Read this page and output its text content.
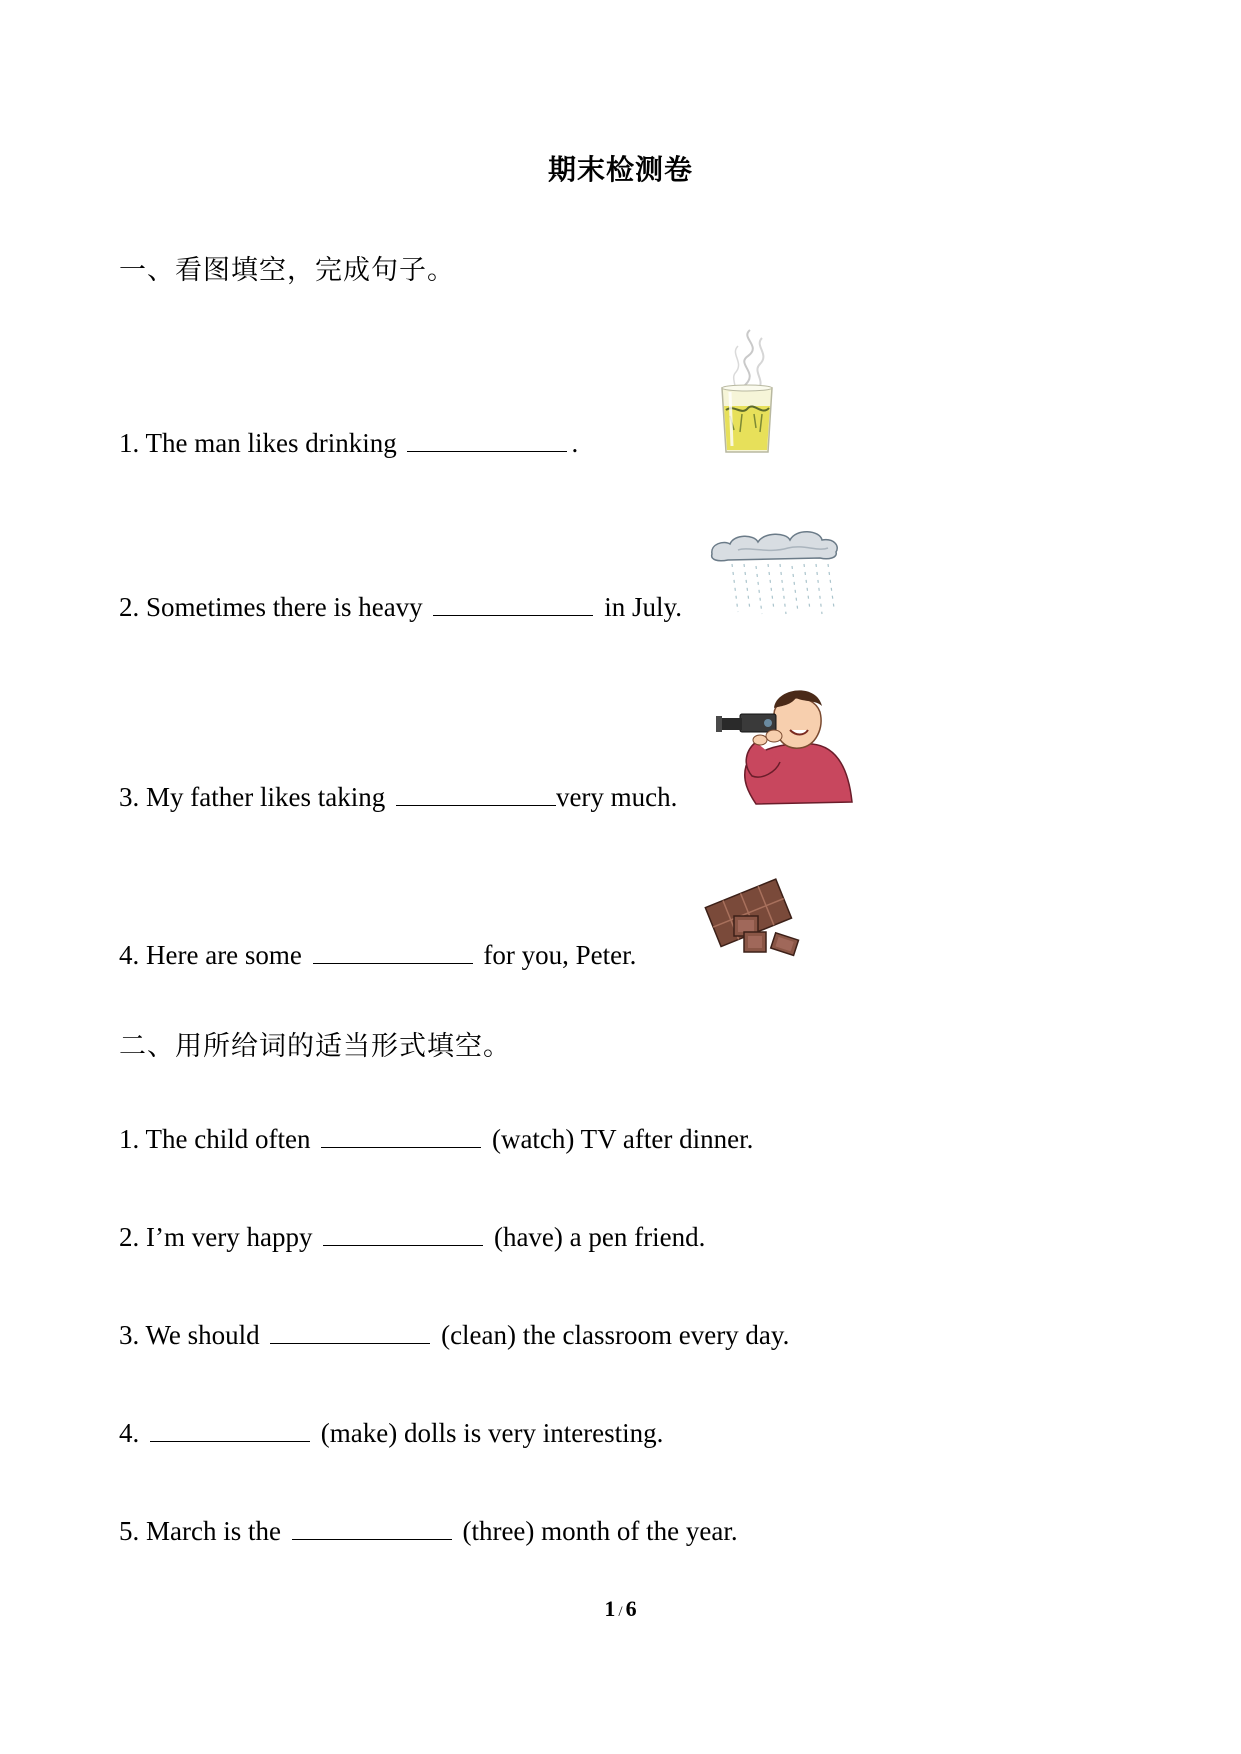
期末检测卷
一、看图填空，完成句子。
1. The man likes drinking	.
2. Sometimes there is heavy	in July.
3. My father likes taking	very much.
4. Here are some	for you, Peter.
二、用所给词的适当形式填空。
1. The child often	(watch) TV after dinner.
2. I’m very happy	(have) a pen friend.
3. We should	(clean) the classroom every day.
4.	(make) dolls is very interesting.
5. March is the	(three) month of the year.
1 / 6
